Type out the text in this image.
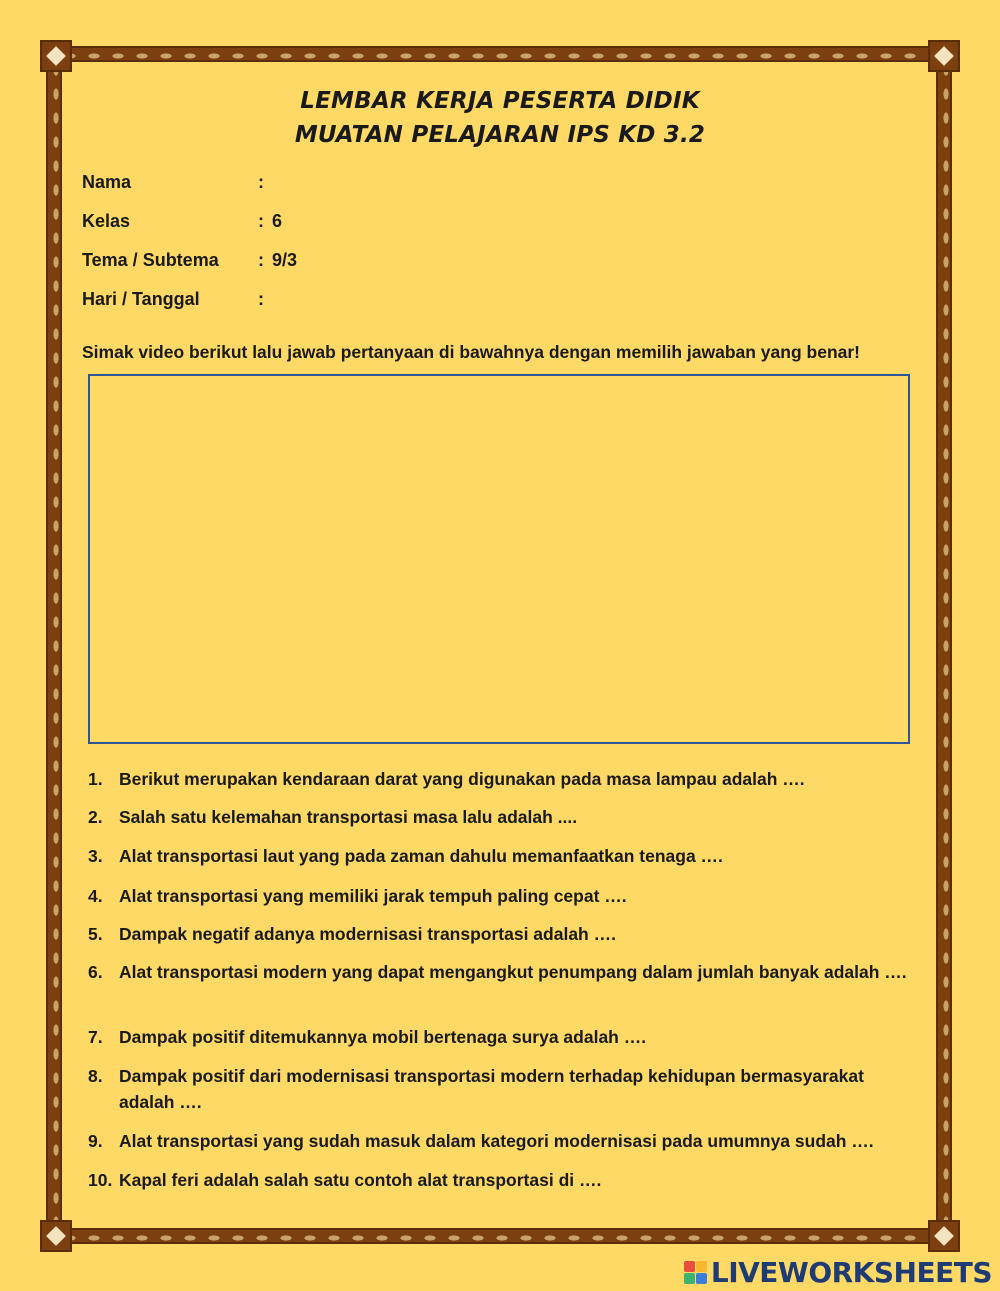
LEMBAR KERJA PESERTA DIDIK
MUATAN PELAJARAN IPS KD 3.2
Nama	:
Kelas	: 6
Tema / Subtema : 9/3
Hari / Tanggal	:
Simak video berikut lalu jawab pertanyaan di bawahnya dengan memilih jawaban yang benar!
1. Berikut merupakan kendaraan darat yang digunakan pada masa lampau adalah ….
2. Salah satu kelemahan transportasi masa lalu adalah ....
3. Alat transportasi laut yang pada zaman dahulu memanfaatkan tenaga ….
4. Alat transportasi yang memiliki jarak tempuh paling cepat ….
5. Dampak negatif adanya modernisasi transportasi adalah ….
6. Alat transportasi modern yang dapat mengangkut penumpang dalam jumlah banyak adalah ….
7. Dampak positif ditemukannya mobil bertenaga surya adalah ….
8. Dampak positif dari modernisasi transportasi modern terhadap kehidupan bermasyarakat adalah ….
9. Alat transportasi yang sudah masuk dalam kategori modernisasi pada umumnya sudah ….
10. Kapal feri adalah salah satu contoh alat transportasi di ….
LIVEWORKSHEETS
